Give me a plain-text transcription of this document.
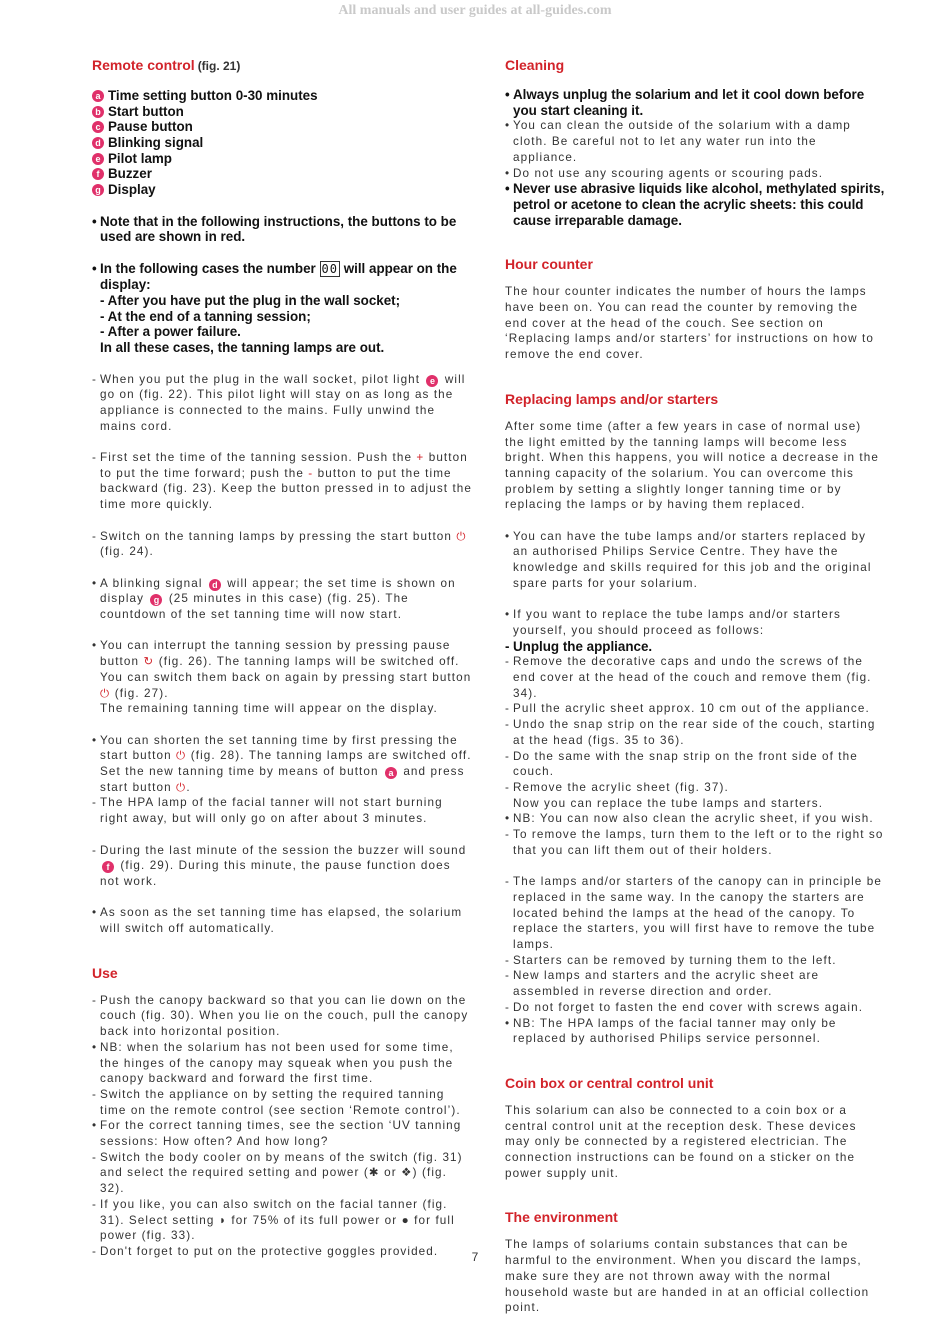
All manuals and user guides at all-guides.com
Remote control (fig. 21)
a Time setting button 0-30 minutes
b Start button
c Pause button
d Blinking signal
e Pilot lamp
f Buzzer
g Display

• Note that in the following instructions, the buttons to be used are shown in red.

• In the following cases the number 00 will appear on the display:
- After you have put the plug in the wall socket;
- At the end of a tanning session;
- After a power failure.
In all these cases, the tanning lamps are out.

- When you put the plug in the wall socket, pilot light e will go on (fig. 22). This pilot light will stay on as long as the appliance is connected to the mains. Fully unwind the mains cord.

- First set the time of the tanning session. Push the + button to put the time forward; push the - button to put the time backward (fig. 23). Keep the button pressed in to adjust the time more quickly.

- Switch on the tanning lamps by pressing the start button ⏻
(fig. 24).

• A blinking signal d will appear; the set time is shown on display g (25 minutes in this case) (fig. 25). The countdown of the set tanning time will now start.

• You can interrupt the tanning session by pressing pause button ↻ (fig. 26). The tanning lamps will be switched off. You can switch them back on again by pressing start button ⏻ (fig. 27).
The remaining tanning time will appear on the display.

• You can shorten the set tanning time by first pressing the start button ⏻ (fig. 28). The tanning lamps are switched off. Set the new tanning time by means of button a and press start button ⏻.

- The HPA lamp of the facial tanner will not start burning right away, but will only go on after about 3 minutes.

- During the last minute of the session the buzzer will sound f (fig. 29). During this minute, the pause function does not work.

• As soon as the set tanning time has elapsed, the solarium will switch off automatically.

Use

- Push the canopy backward so that you can lie down on the couch (fig. 30). When you lie on the couch, pull the canopy back into horizontal position.

• NB: when the solarium has not been used for some time, the hinges of the canopy may squeak when you push the canopy backward and forward the first time.

- Switch the appliance on by setting the required tanning time on the remote control (see section ‘Remote control’).

• For the correct tanning times, see the section ‘UV tanning sessions: How often? And how long?

- Switch the body cooler on by means of the switch (fig. 31) and select the required setting and power (✱ or ❖) (fig. 32).

- If you like, you can also switch on the facial tanner (fig. 31). Select setting ◗ for 75% of its full power or ● for full power (fig. 33).

- Don't forget to put on the protective goggles provided.

Cleaning

• Always unplug the solarium and let it cool down before you start cleaning it.

• You can clean the outside of the solarium with a damp cloth. Be careful not to let any water run into the appliance.

• Do not use any scouring agents or scouring pads.

• Never use abrasive liquids like alcohol, methylated spirits, petrol or acetone to clean the acrylic sheets: this could cause irreparable damage.

Hour counter

The hour counter indicates the number of hours the lamps have been on. You can read the counter by removing the end cover at the head of the couch. See section on ‘Replacing lamps and/or starters’ for instructions on how to remove the end cover.

Replacing lamps and/or starters

After some time (after a few years in case of normal use) the light emitted by the tanning lamps will become less bright. When this happens, you will notice a decrease in the tanning capacity of the solarium. You can overcome this problem by setting a slightly longer tanning time or by replacing the lamps or by having them replaced.

• You can have the tube lamps and/or starters replaced by an authorised Philips Service Centre. They have the knowledge and skills required for this job and the original spare parts for your solarium.

• If you want to replace the tube lamps and/or starters yourself, you should proceed as follows:

- Unplug the appliance.

- Remove the decorative caps and undo the screws of the end cover at the head of the couch and remove them (fig. 34).

- Pull the acrylic sheet approx. 10 cm out of the appliance.

- Undo the snap strip on the rear side of the couch, starting at the head (figs. 35 to 36).

- Do the same with the snap strip on the front side of the couch.

- Remove the acrylic sheet (fig. 37).
Now you can replace the tube lamps and starters.

• NB: You can now also clean the acrylic sheet, if you wish.

- To remove the lamps, turn them to the left or to the right so that you can lift them out of their holders.

- The lamps and/or starters of the canopy can in principle be replaced in the same way. In the canopy the starters are located behind the lamps at the head of the canopy. To replace the starters, you will first have to remove the tube lamps.

- Starters can be removed by turning them to the left.

- New lamps and starters and the acrylic sheet are assembled in reverse direction and order.

- Do not forget to fasten the end cover with screws again.

• NB: The HPA lamps of the facial tanner may only be replaced by authorised Philips service personnel.

Coin box or central control unit

This solarium can also be connected to a coin box or a central control unit at the reception desk. These devices may only be connected by a registered electrician. The connection instructions can be found on a sticker on the power supply unit.

The environment

The lamps of solariums contain substances that can be harmful to the environment. When you discard the lamps, make sure they are not thrown away with the normal household waste but are handed in at an official collection point.

7
